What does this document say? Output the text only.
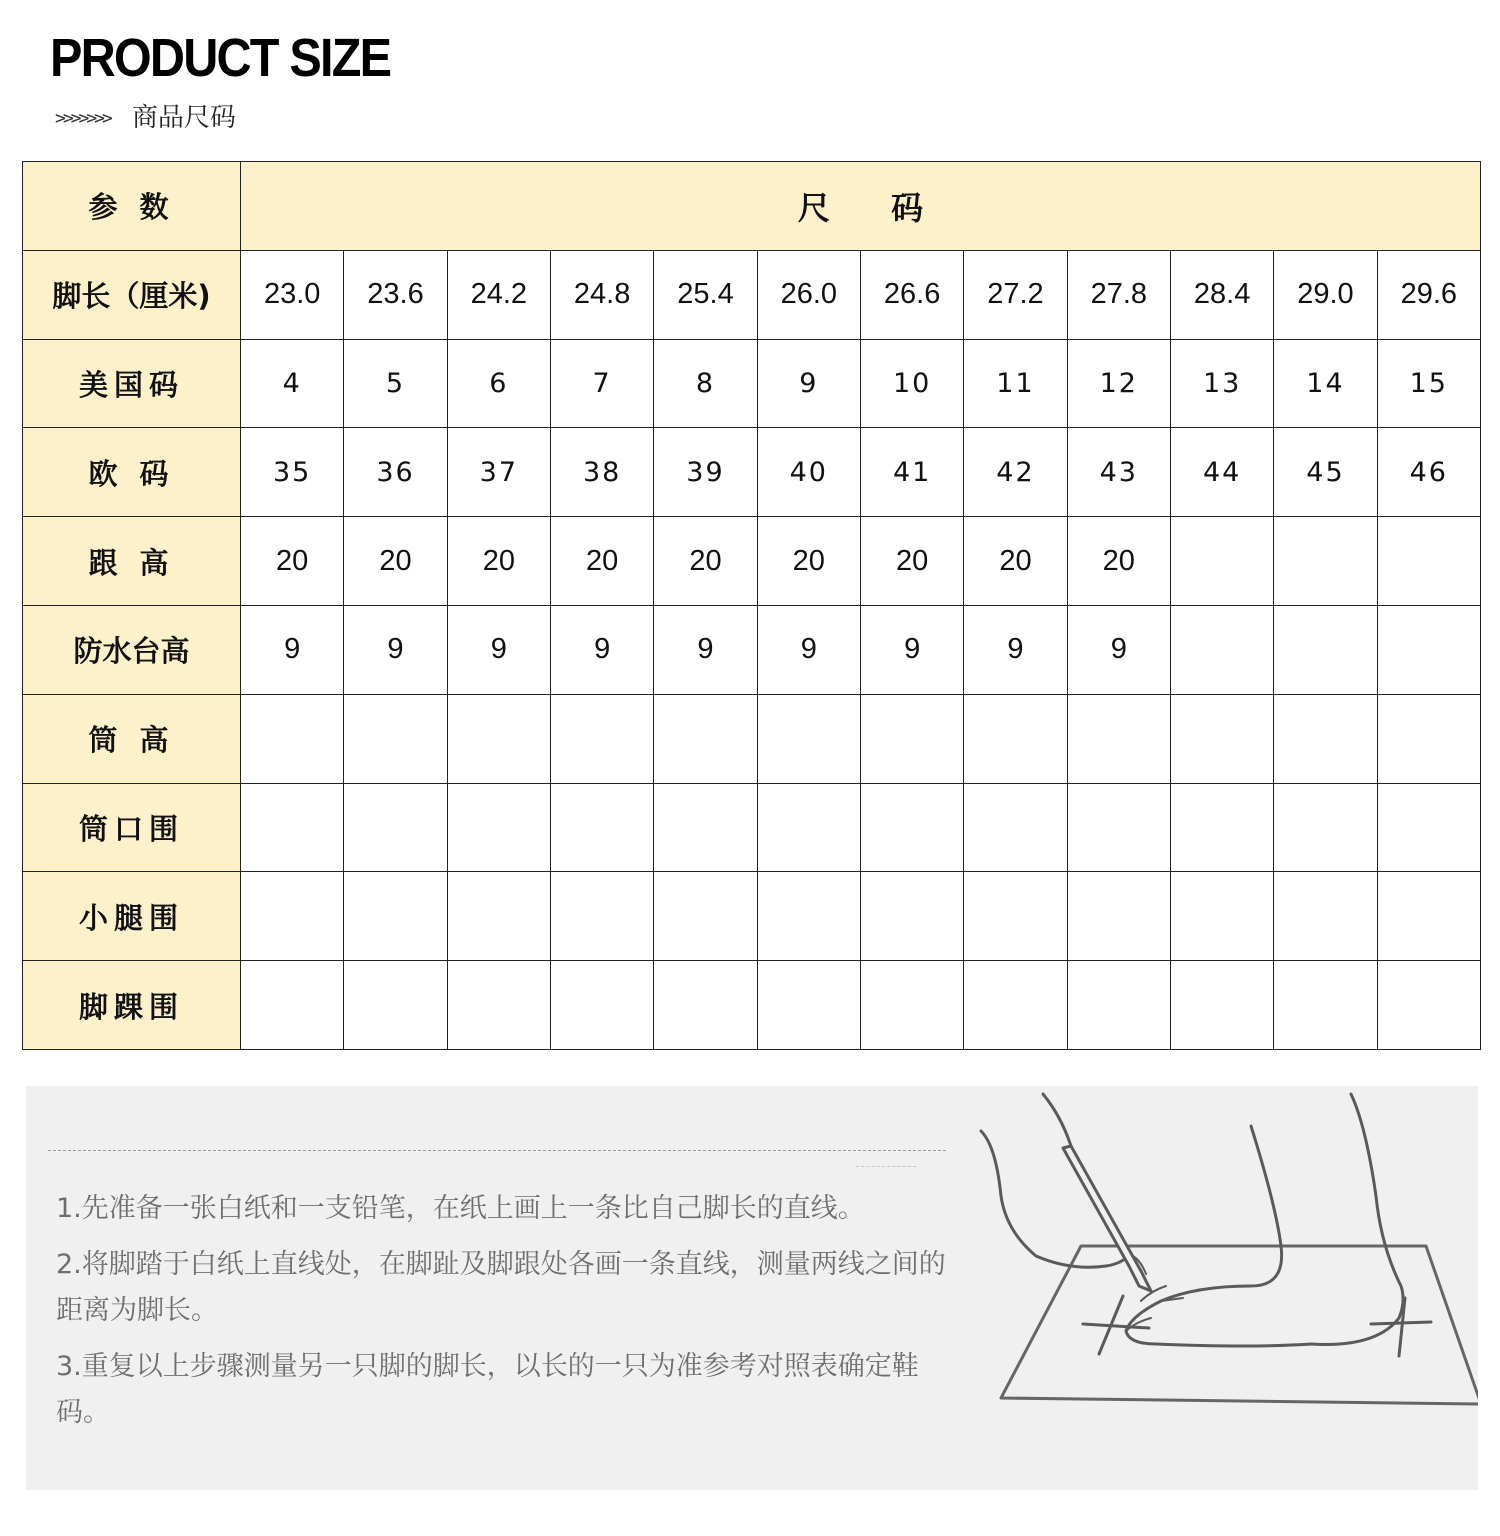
PRODUCT SIZE
>>>>>>> 商品尺码
参 数	尺 码											
脚长（厘米)	23.0	23.6	24.2	24.8	25.4	26.0	26.6	27.2	27.8	28.4	29.0	29.6
美国码	4	5	6	7	8	9	10	11	12	13	14	15
欧 码	35	36	37	38	39	40	41	42	43	44	45	46
跟 高	20	20	20	20	20	20	20	20	20			
防水台高	9	9	9	9	9	9	9	9	9			
筒 高												
筒口围												
小腿围												
脚踝围												

1.先准备一张白纸和一支铅笔，在纸上画上一条比自己脚长的直线。

2.将脚踏于白纸上直线处，在脚趾及脚跟处各画一条直线，测量两线之间的距离为脚长。

3.重复以上步骤测量另一只脚的脚长，以长的一只为准参考对照表确定鞋码。
